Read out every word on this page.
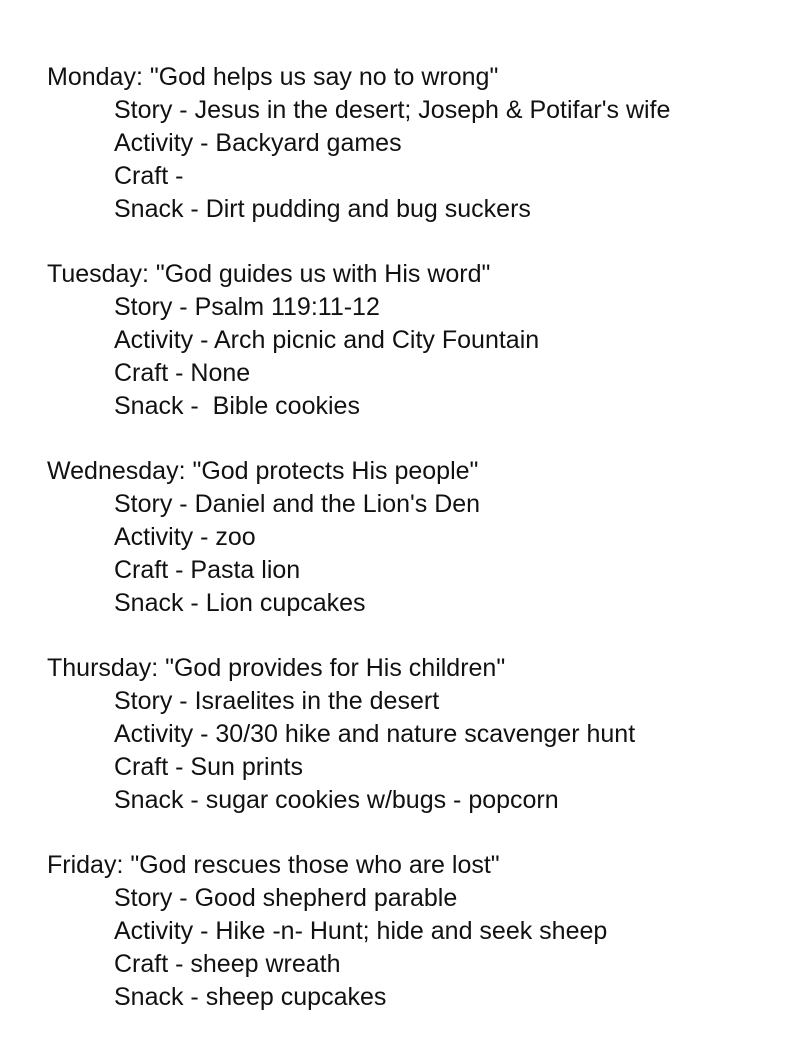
Monday: "God helps us say no to wrong"
Story - Jesus in the desert; Joseph & Potifar's wife
Activity - Backyard games
Craft -
Snack - Dirt pudding and bug suckers
Tuesday: "God guides us with His word"
Story - Psalm 119:11-12
Activity - Arch picnic and City Fountain
Craft - None
Snack -  Bible cookies
Wednesday: "God protects His people"
Story - Daniel and the Lion's Den
Activity - zoo
Craft - Pasta lion
Snack - Lion cupcakes
Thursday: "God provides for His children"
Story - Israelites in the desert
Activity - 30/30 hike and nature scavenger hunt
Craft - Sun prints
Snack - sugar cookies w/bugs - popcorn
Friday: "God rescues those who are lost"
Story - Good shepherd parable
Activity - Hike -n- Hunt; hide and seek sheep
Craft - sheep wreath
Snack - sheep cupcakes
